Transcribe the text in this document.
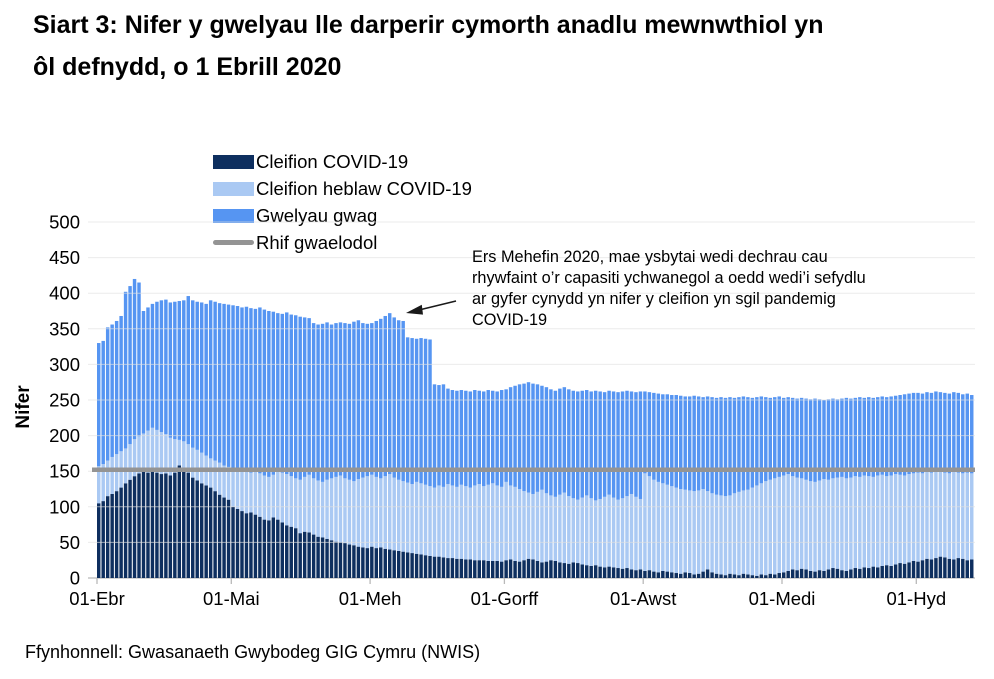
Siart 3: Nifer y gwelyau lle darperir cymorth anadlu mewnwthiol yn ôl defnydd, o 1 Ebrill 2020
Cleifion COVID-19
Cleifion heblaw COVID-19
Gwelyau gwag
Rhif gwaelodol
Nifer
0
50
100
150
200
250
300
350
400
450
500
01-Ebr	01-Mai	01-Meh	01-Gorff	01-Awst	01-Medi	01-Hyd
Ers Mehefin 2020, mae ysbytai wedi dechrau cau
rhywfaint o’r capasiti ychwanegol a oedd wedi’i sefydlu
ar gyfer cynydd yn nifer y cleifion yn sgil pandemig
COVID-19
Ffynhonnell: Gwasanaeth Gwybodeg GIG Cymru (NWIS)
